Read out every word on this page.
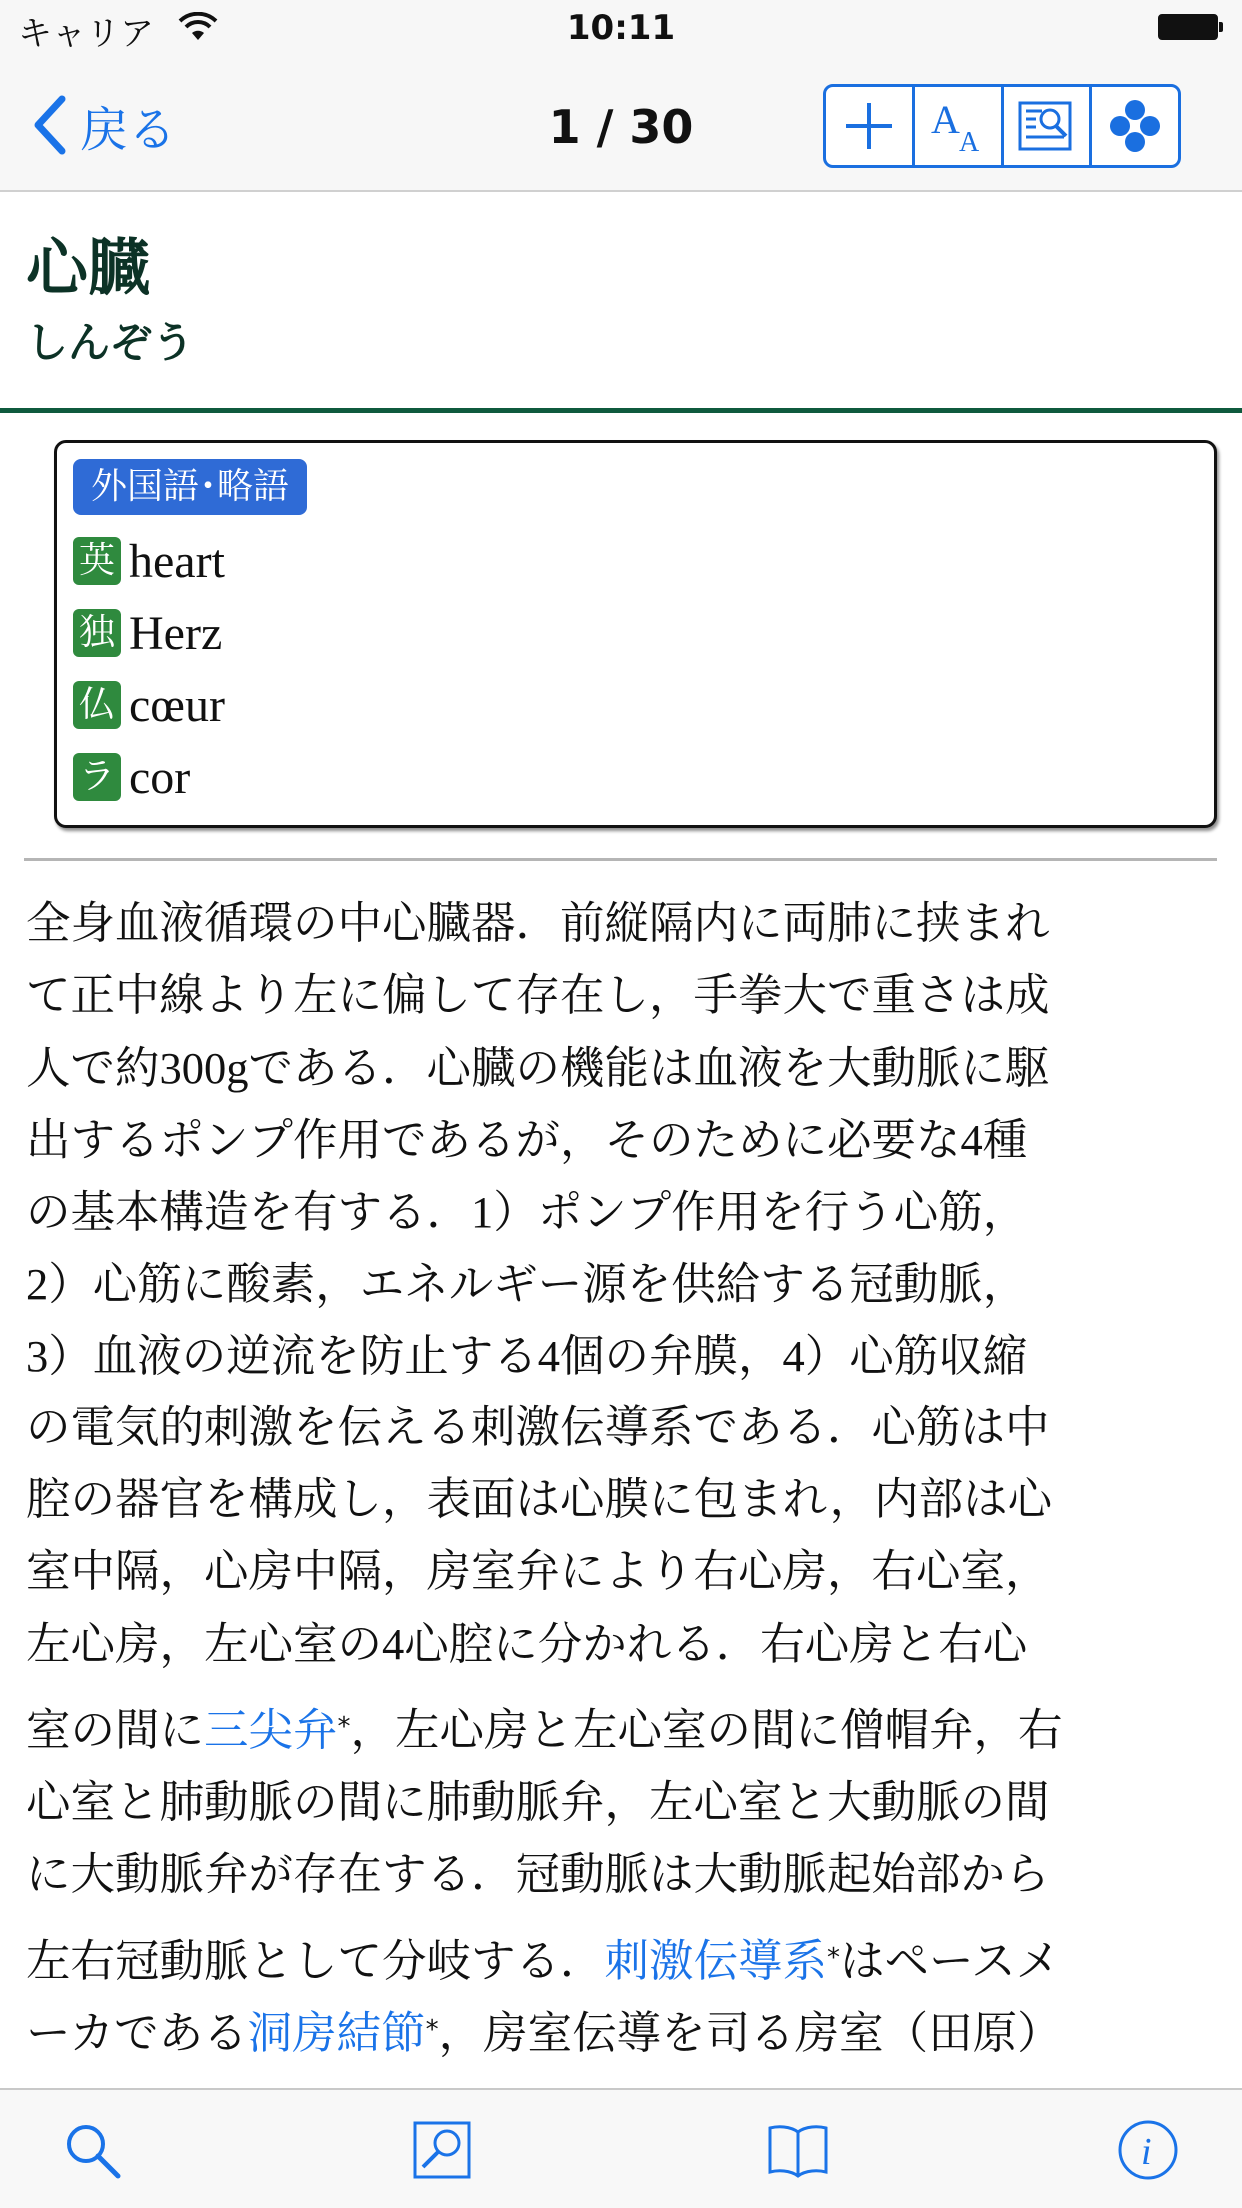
キャリア	10:11
戻る	1 / 30	A
A
心臓
しんぞう
外国語･略語
英 heart
独 Herz
仏 cœur
ラ cor
全身血液循環の中心臓器．前縦隔内に両肺に挟まれ
て正中線より左に偏して存在し，手拳大で重さは成
人で約300gである．心臓の機能は血液を大動脈に駆
出するポンプ作用であるが，そのために必要な4種
の基本構造を有する．1）ポンプ作用を行う心筋，
2）心筋に酸素，エネルギー源を供給する冠動脈，
3）血液の逆流を防止する4個の弁膜，4）心筋収縮
の電気的刺激を伝える刺激伝導系である．心筋は中
腔の器官を構成し，表面は心膜に包まれ，内部は心
室中隔，心房中隔，房室弁により右心房，右心室，
左心房，左心室の4心腔に分かれる．右心房と右心
室の間に三尖弁*，左心房と左心室の間に僧帽弁，右
心室と肺動脈の間に肺動脈弁，左心室と大動脈の間
に大動脈弁が存在する．冠動脈は大動脈起始部から
左右冠動脈として分岐する．刺激伝導系*はペースメ
ーカである洞房結節*，房室伝導を司る房室（田原）
i
